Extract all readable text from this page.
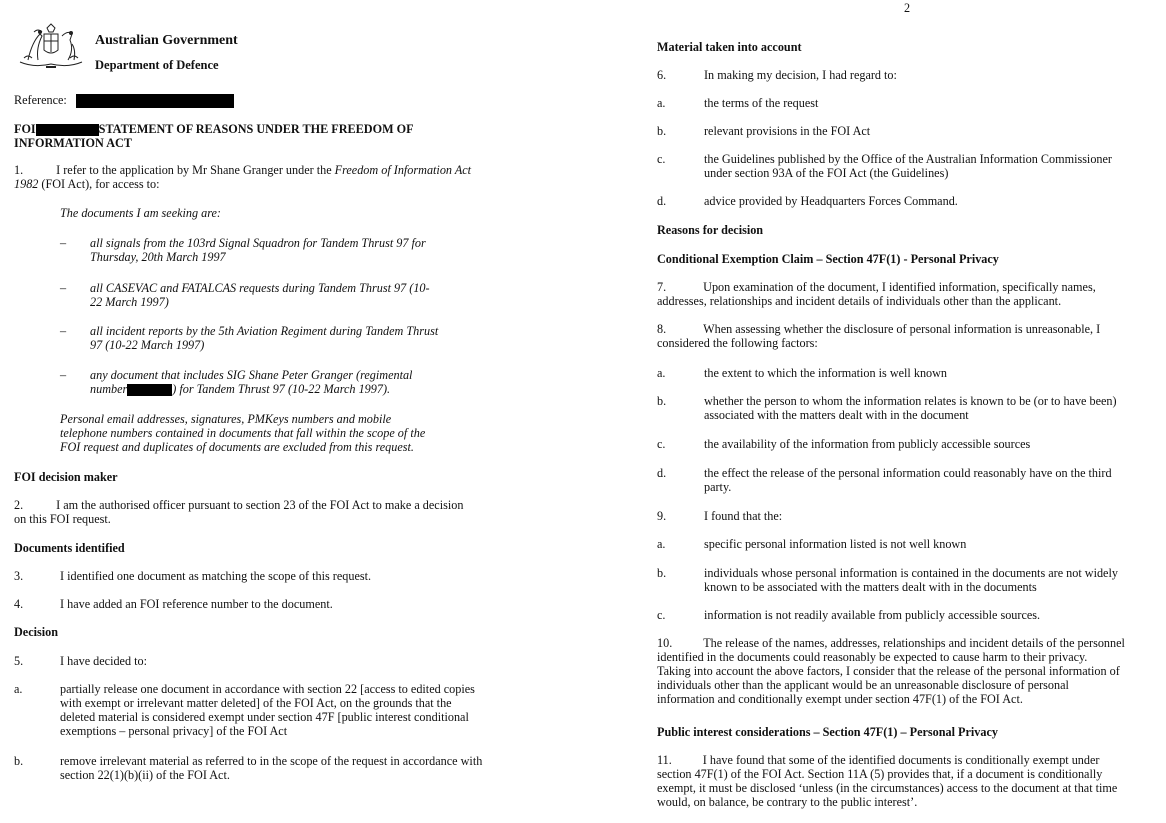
Australian Government
Department of Defence
Reference:
FOI	STATEMENT OF REASONS UNDER THE FREEDOM OF
INFORMATION ACT
1.	I refer to the application by Mr Shane Granger under the Freedom of Information Act
1982 (FOI Act), for access to:
The documents I am seeking are:
– all signals from the 103rd Signal Squadron for Tandem Thrust 97 for
Thursday, 20th March 1997
– all CASEVAC and FATALCAS requests during Tandem Thrust 97 (10-
22 March 1997)
– all incident reports by the 5th Aviation Regiment during Tandem Thrust
97 (10-22 March 1997)
– any document that includes SIG Shane Peter Granger (regimental
number	) for Tandem Thrust 97 (10-22 March 1997).
Personal email addresses, signatures, PMKeys numbers and mobile
telephone numbers contained in documents that fall within the scope of the
FOI request and duplicates of documents are excluded from this request.
FOI decision maker
2.	I am the authorised officer pursuant to section 23 of the FOI Act to make a decision
on this FOI request.
Documents identified
3.	I identified one document as matching the scope of this request.
4.	I have added an FOI reference number to the document.
Decision
5.	I have decided to:
a.	partially release one document in accordance with section 22 [access to edited copies
with exempt or irrelevant matter deleted] of the FOI Act, on the grounds that the
deleted material is considered exempt under section 47F [public interest conditional
exemptions – personal privacy] of the FOI Act
b.	remove irrelevant material as referred to in the scope of the request in accordance with
section 22(1)(b)(ii) of the FOI Act.
2
Material taken into account
6.	In making my decision, I had regard to:
a.	the terms of the request
b.	relevant provisions in the FOI Act
c.	the Guidelines published by the Office of the Australian Information Commissioner
under section 93A of the FOI Act (the Guidelines)
d.	advice provided by Headquarters Forces Command.
Reasons for decision
Conditional Exemption Claim – Section 47F(1) - Personal Privacy
7.	Upon examination of the document, I identified information, specifically names,
addresses, relationships and incident details of individuals other than the applicant.
8.	When assessing whether the disclosure of personal information is unreasonable, I
considered the following factors:
a.	the extent to which the information is well known
b.	whether the person to whom the information relates is known to be (or to have been)
associated with the matters dealt with in the document
c.	the availability of the information from publicly accessible sources
d.	the effect the release of the personal information could reasonably have on the third
party.
9.	I found that the:
a.	specific personal information listed is not well known
b.	individuals whose personal information is contained in the documents are not widely
known to be associated with the matters dealt with in the documents
c.	information is not readily available from publicly accessible sources.
10.	The release of the names, addresses, relationships and incident details of the personnel
identified in the documents could reasonably be expected to cause harm to their privacy.
Taking into account the above factors, I consider that the release of the personal information of
individuals other than the applicant would be an unreasonable disclosure of personal
information and conditionally exempt under section 47F(1) of the FOI Act.
Public interest considerations – Section 47F(1) – Personal Privacy
11.	I have found that some of the identified documents is conditionally exempt under
section 47F(1) of the FOI Act. Section 11A (5) provides that, if a document is conditionally
exempt, it must be disclosed ‘unless (in the circumstances) access to the document at that time
would, on balance, be contrary to the public interest’.
